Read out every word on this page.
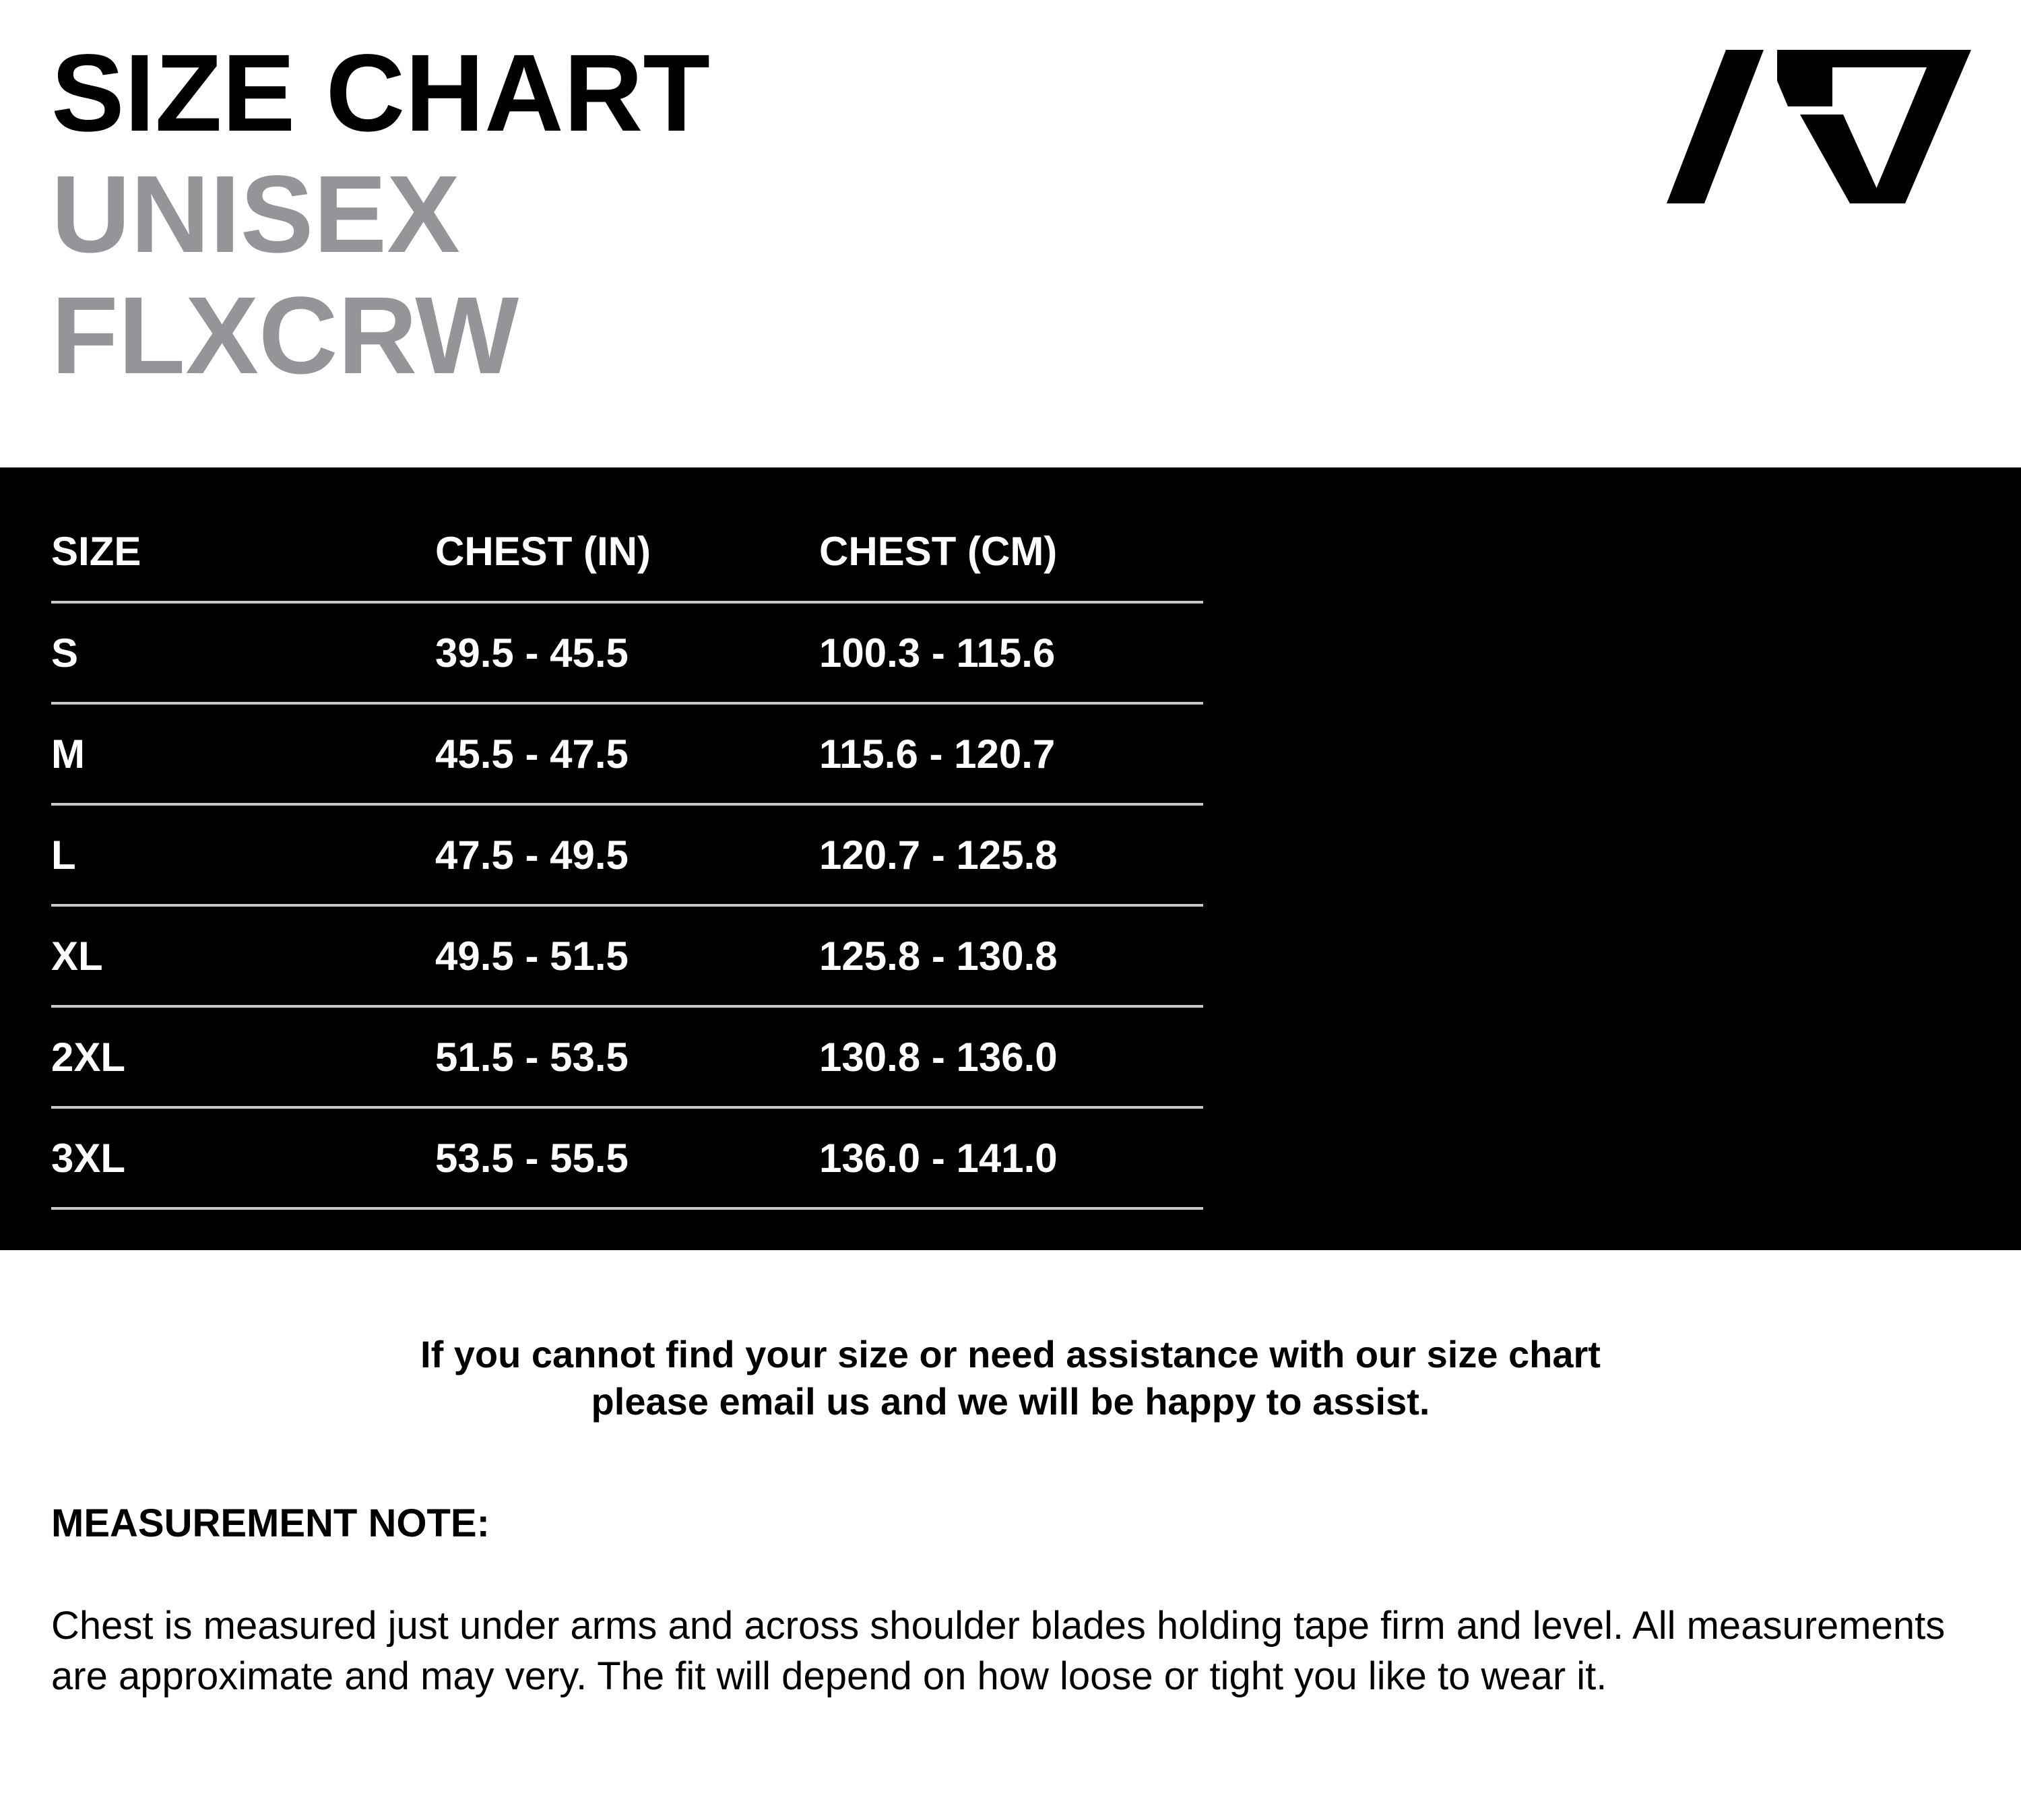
SIZE CHART
UNISEX
FLXCRW
SIZE	CHEST (IN)	CHEST (CM)
S	39.5 - 45.5	100.3 - 115.6
M	45.5 - 47.5	115.6 - 120.7
L	47.5 - 49.5	120.7 - 125.8
XL	49.5 - 51.5	125.8 - 130.8
2XL	51.5 - 53.5	130.8 - 136.0
3XL	53.5 - 55.5	136.0 - 141.0
If you cannot find your size or need assistance with our size chart
please email us and we will be happy to assist.
MEASUREMENT NOTE:
Chest is measured just under arms and across shoulder blades holding tape firm and level. All measurements are approximate and may very. The fit will depend on how loose or tight you like to wear it.
